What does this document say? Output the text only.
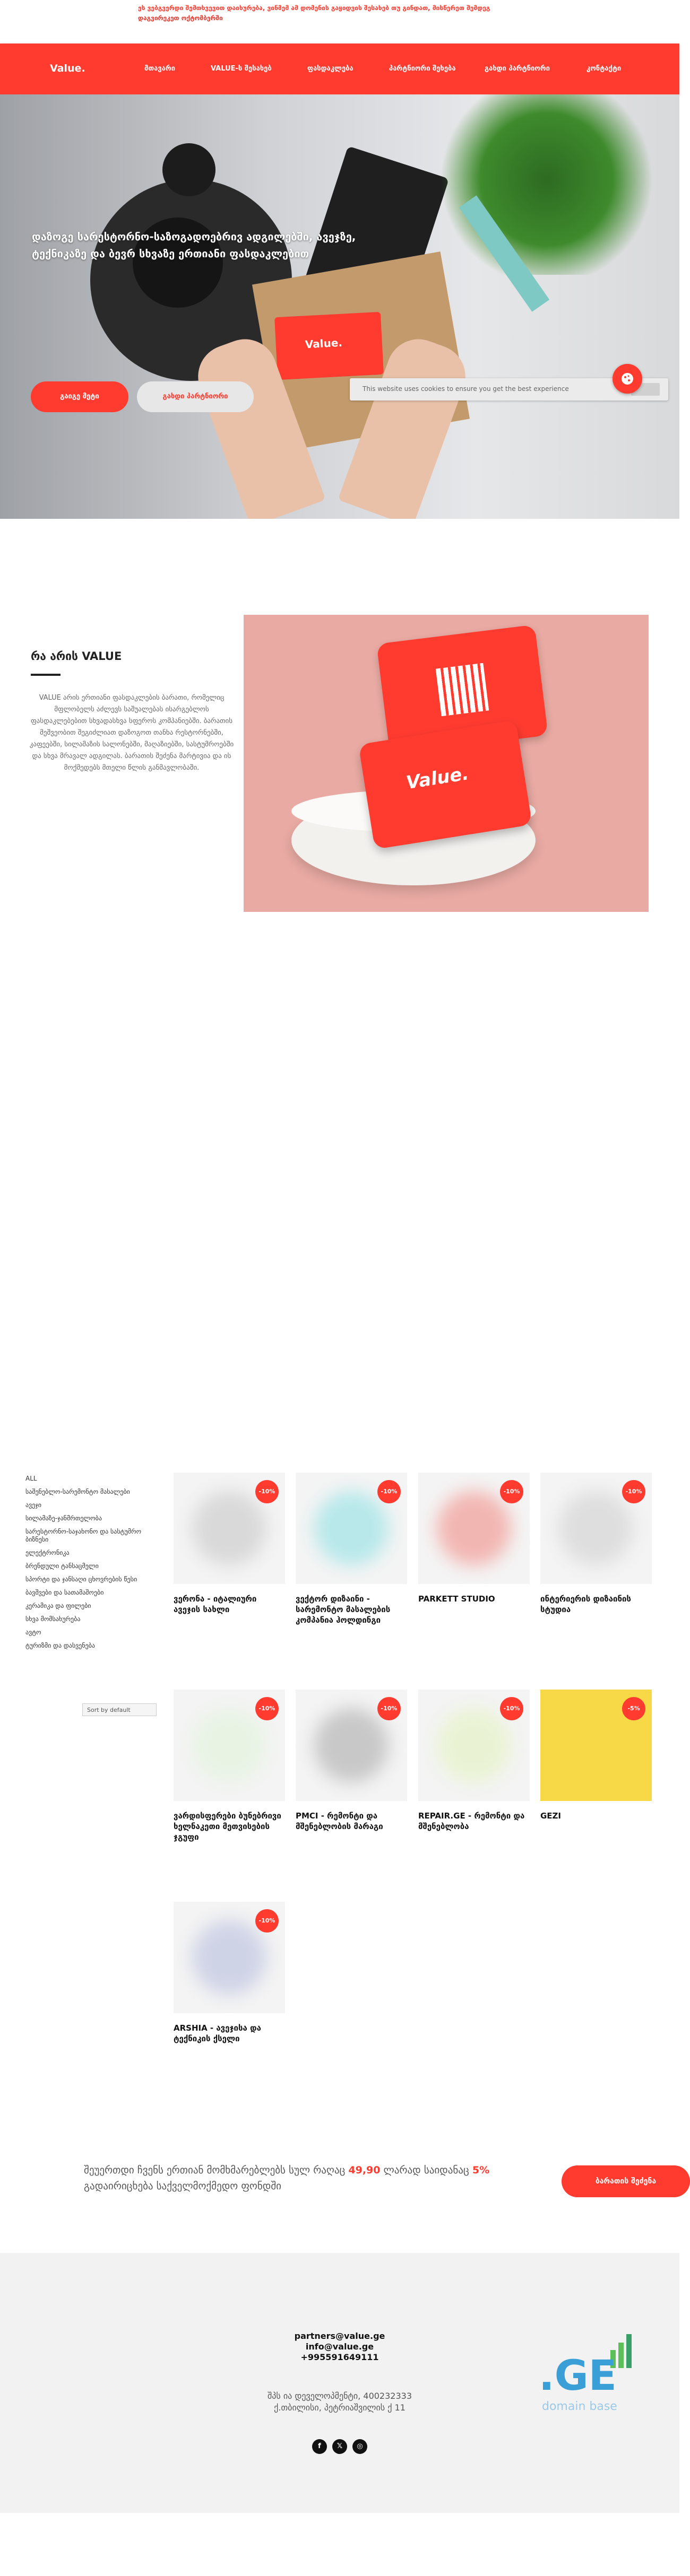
ეს ვებგვერდი შემთხვევით დაიხურება, ვინმემ ამ დომენის გაყიდვის შესახებ თუ გინდათ, მისწერეთ შემდეგ
დაგვირეკეთ ოქტომბერში
Value.	მთავარი	VALUE-ს შესახებ	ფასდაკლება	პარტნიორი შეხება	გახდი პარტნიორი	კონტაქტი
Value.
დაზოგე სარესტორნო-საზოგადოებრივ ადგილებში, ავეჯზე, ტექნიკაზე და ბევრ სხვაზე ერთიანი ფასდაკლებით
გაიგე მეტი	გახდი პარტნიორი
This website uses cookies to ensure you get the best experience
რა არის VALUE
VALUE არის ერთიანი ფასდაკლების ბარათი, რომელიც მფლობელს აძლევს საშუალებას ისარგებლოს ფასდაკლებებით სხვადასხვა სფეროს კომპანიებში. ბარათის მეშვეობით შეგიძლიათ დაზოგოთ თანხა რესტორნებში, კაფეებში, სილამაზის სალონებში, მაღაზიებში, სასტუმროებში და სხვა მრავალ ადგილას. ბარათის შეძენა მარტივია და ის მოქმედებს მთელი წლის განმავლობაში.	Value.
ALL
საშენებლო-სარემონტო მასალები
ავეჯი
სილამაზე-ჯანმრთელობა
სარესტორნო-საჯახონო და სასტუმრო ბიზნესი
ელექტრონიკა
ბრენდული ტანსაცმელი
სპორტი და ჯანსაღი ცხოვრების წესი
ბავშვები და სათამაშოები
კერამიკა და ფილები
სხვა მომსახურება
ავტო
ტურიზმი და დასვენება
Sort by default
-10%
ვერონა - იტალიური ავეჯის სახლი
-10%
ვექტორ დიზაინი - სარემონტო მასალების კომპანია ჰოლდინგი
-10%
PARKETT STUDIO
-10%
ინტერიერის დიზაინის სტუდია
-10%
ვარდისფერები ბუნებრივი ხელნაკეთი მეთვისების ჯგუფი
-10%
PMCI - რემონტი და მშენებლობის მარაგი
-10%
REPAIR.GE - რემონტი და მშენებლობა
-5%
GEZI
-10%
ARSHIA - ავეჯისა და ტექნიკის ქსელი
შეუერთდი ჩვენს ერთიან მომხმარებლებს სულ რაღაც 49,90 ლარად საიდანაც 5% გადაირიცხება საქველმოქმედო ფონდში	ბარათის შეძენა
partners@value.ge
info@value.ge
+995591649111
შპს ია დეველოპმენტი, 400232333
ქ.თბილისი, პეტრიაშვილის ქ 11
f	𝕏	◎
.GE
domain base
